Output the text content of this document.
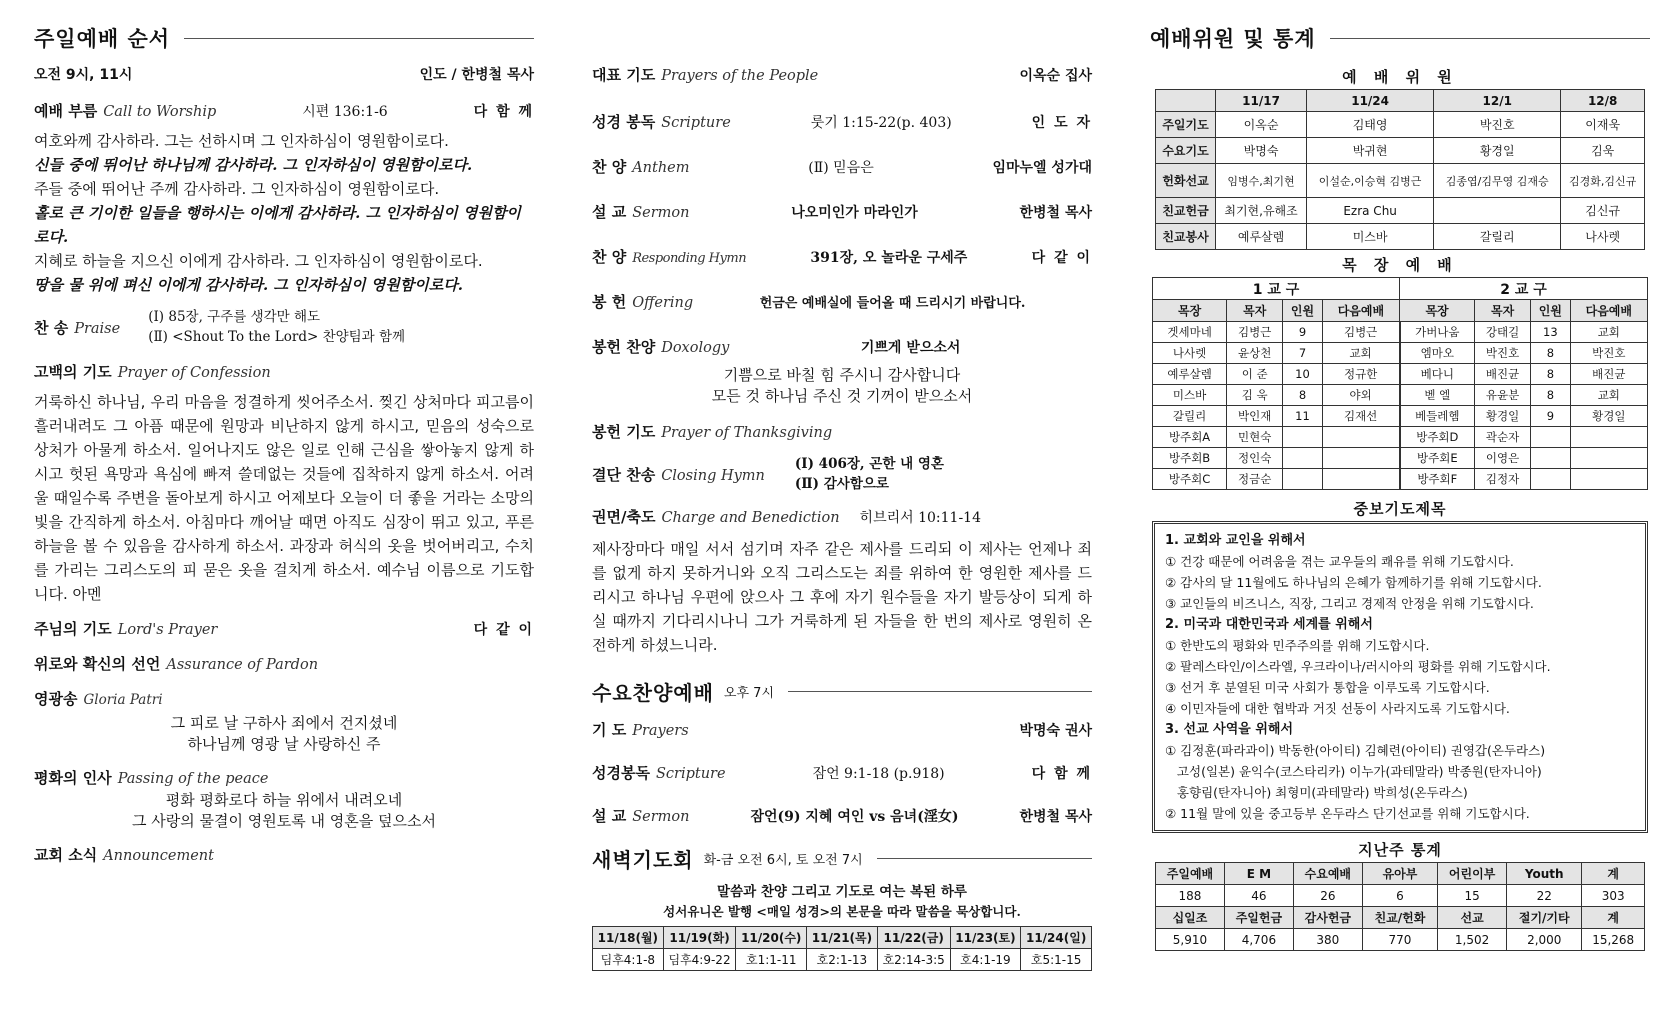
주일예배 순서
오전 9시, 11시	인도 / 한병철 목사
예배 부름 Call to Worship	시편 136:1-6	다 함 께
여호와께 감사하라. 그는 선하시며 그 인자하심이 영원함이로다.
신들 중에 뛰어난 하나님께 감사하라. 그 인자하심이 영원함이로다.
주들 중에 뛰어난 주께 감사하라. 그 인자하심이 영원함이로다.
홀로 큰 기이한 일들을 행하시는 이에게 감사하라. 그 인자하심이 영원함이로다.
지혜로 하늘을 지으신 이에게 감사하라. 그 인자하심이 영원함이로다.
땅을 물 위에 펴신 이에게 감사하라. 그 인자하심이 영원함이로다.
찬 송 Praise
(Ⅰ) 85장, 구주를 생각만 해도
(Ⅱ) <Shout To the Lord> 찬양팀과 함께
고백의 기도 Prayer of Confession
거룩하신 하나님, 우리 마음을 정결하게 씻어주소서. 찢긴 상처마다 피고름이 흘러내려도 그 아픔 때문에 원망과 비난하지 않게 하시고, 믿음의 성숙으로 상처가 아물게 하소서. 일어나지도 않은 일로 인해 근심을 쌓아놓지 않게 하시고 헛된 욕망과 욕심에 빠져 쓸데없는 것들에 집착하지 않게 하소서. 어려울 때일수록 주변을 돌아보게 하시고 어제보다 오늘이 더 좋을 거라는 소망의 빛을 간직하게 하소서. 아침마다 깨어날 때면 아직도 심장이 뛰고 있고, 푸른 하늘을 볼 수 있음을 감사하게 하소서. 과장과 허식의 옷을 벗어버리고, 수치를 가리는 그리스도의 피 묻은 옷을 걸치게 하소서. 예수님 이름으로 기도합니다. 아멘
주님의 기도 Lord's Prayer	다 같 이
위로와 확신의 선언 Assurance of Pardon
영광송 Gloria Patri
그 피로 날 구하사 죄에서 건지셨네
하나님께 영광 날 사랑하신 주
평화의 인사 Passing of the peace
평화 평화로다 하늘 위에서 내려오네
그 사랑의 물결이 영원토록 내 영혼을 덮으소서
교회 소식 Announcement
대표 기도 Prayers of the People	이옥순 집사
성경 봉독 Scripture	룻기 1:15-22(p. 403)	인 도 자
찬 양 Anthem	(Ⅱ) 믿음은	임마누엘 성가대
설 교 Sermon	나오미인가 마라인가	한병철 목사
찬 양 Responding Hymn	391장, 오 놀라운 구세주	다 같 이
봉 헌 Offering	헌금은 예배실에 들어올 때 드리시기 바랍니다.
봉헌 찬양 Doxology	기쁘게 받으소서
기쁨으로 바칠 힘 주시니 감사합니다
모든 것 하나님 주신 것 기꺼이 받으소서
봉헌 기도 Prayer of Thanksgiving
결단 찬송 Closing Hymn
(Ⅰ) 406장, 곤한 내 영혼
(Ⅱ) 감사함으로
권면/축도 Charge and Benediction 히브리서 10:11-14
제사장마다 매일 서서 섬기며 자주 같은 제사를 드리되 이 제사는 언제나 죄를 없게 하지 못하거니와 오직 그리스도는 죄를 위하여 한 영원한 제사를 드리시고 하나님 우편에 앉으사 그 후에 자기 원수들을 자기 발등상이 되게 하실 때까지 기다리시나니 그가 거룩하게 된 자들을 한 번의 제사로 영원히 온전하게 하셨느니라.
수요찬양예배 오후 7시
기 도 Prayers	박명숙 권사
성경봉독 Scripture	잠언 9:1-18 (p.918)	다 함 께
설 교 Sermon	잠언(9) 지혜 여인 vs 음녀(淫女)	한병철 목사
새벽기도회 화-금 오전 6시, 토 오전 7시
말씀과 찬양 그리고 기도로 여는 복된 하루
성서유니온 발행 <매일 성경>의 본문을 따라 말씀을 묵상합니다.
11/18(월)	11/19(화)	11/20(수)	11/21(목)	11/22(금)	11/23(토)	11/24(일)
딤후4:1-8	딤후4:9-22	호1:1-11	호2:1-13	호2:14-3:5	호4:1-19	호5:1-15
예배위원 및 통계
예 배 위 원
	11/17	11/24	12/1	12/8
주일기도	이옥순	김태영	박진호	이재욱
수요기도	박명숙	박귀현	황경일	김욱
헌화선교	임병수,최기현	이설순,이승혁 김병근	김종엽/김무영 김재승	김경화,김신규
친교헌금	최기현,유해조	Ezra Chu		김신규
친교봉사	예루살렘	미스바	갈릴리	나사렛
목 장 예 배
1 교 구				2 교 구			
목장	목자	인원	다음예배	목장	목자	인원	다음예배
겟세마네	김병근	9	김병근	가버나움	강태길	13	교회
나사렛	윤상천	7	교회	엠마오	박진호	8	박진호
예루살렘	이 준	10	정규한	베다니	배진균	8	배진균
미스바	김 욱	8	야외	벧 엘	유윤분	8	교회
갈릴리	박인재	11	김재선	베들레헴	황경일	9	황경일
방주회A	민현숙			방주회D	곽순자		
방주회B	정인숙			방주회E	이영은		
방주회C	정금순			방주회F	김정자		
중보기도제목
1. 교회와 교인을 위해서
① 건강 때문에 어려움을 겪는 교우들의 쾌유를 위해 기도합시다.
② 감사의 달 11월에도 하나님의 은혜가 함께하기를 위해 기도합시다.
③ 교인들의 비즈니스, 직장, 그리고 경제적 안정을 위해 기도합시다.
2. 미국과 대한민국과 세계를 위해서
① 한반도의 평화와 민주주의를 위해 기도합시다.
② 팔레스타인/이스라엘, 우크라이나/러시아의 평화를 위해 기도합시다.
③ 선거 후 분열된 미국 사회가 통합을 이루도록 기도합시다.
④ 이민자들에 대한 협박과 거짓 선동이 사라지도록 기도합시다.
3. 선교 사역을 위해서
① 김정훈(파라과이) 박동한(아이티) 김혜련(아이티) 권영갑(온두라스)
고성(일본) 윤익수(코스타리카) 이누가(과테말라) 박종원(탄자니아)
홍향림(탄자니아) 최형미(과테말라) 박희성(온두라스)
② 11월 말에 있을 중고등부 온두라스 단기선교를 위해 기도합시다.
지난주 통계
주일예배	E M	수요예배	유아부	어린이부	Youth	계
188	46	26	6	15	22	303
십일조	주일헌금	감사헌금	친교/헌화	선교	절기/기타	계
5,910	4,706	380	770	1,502	2,000	15,268
